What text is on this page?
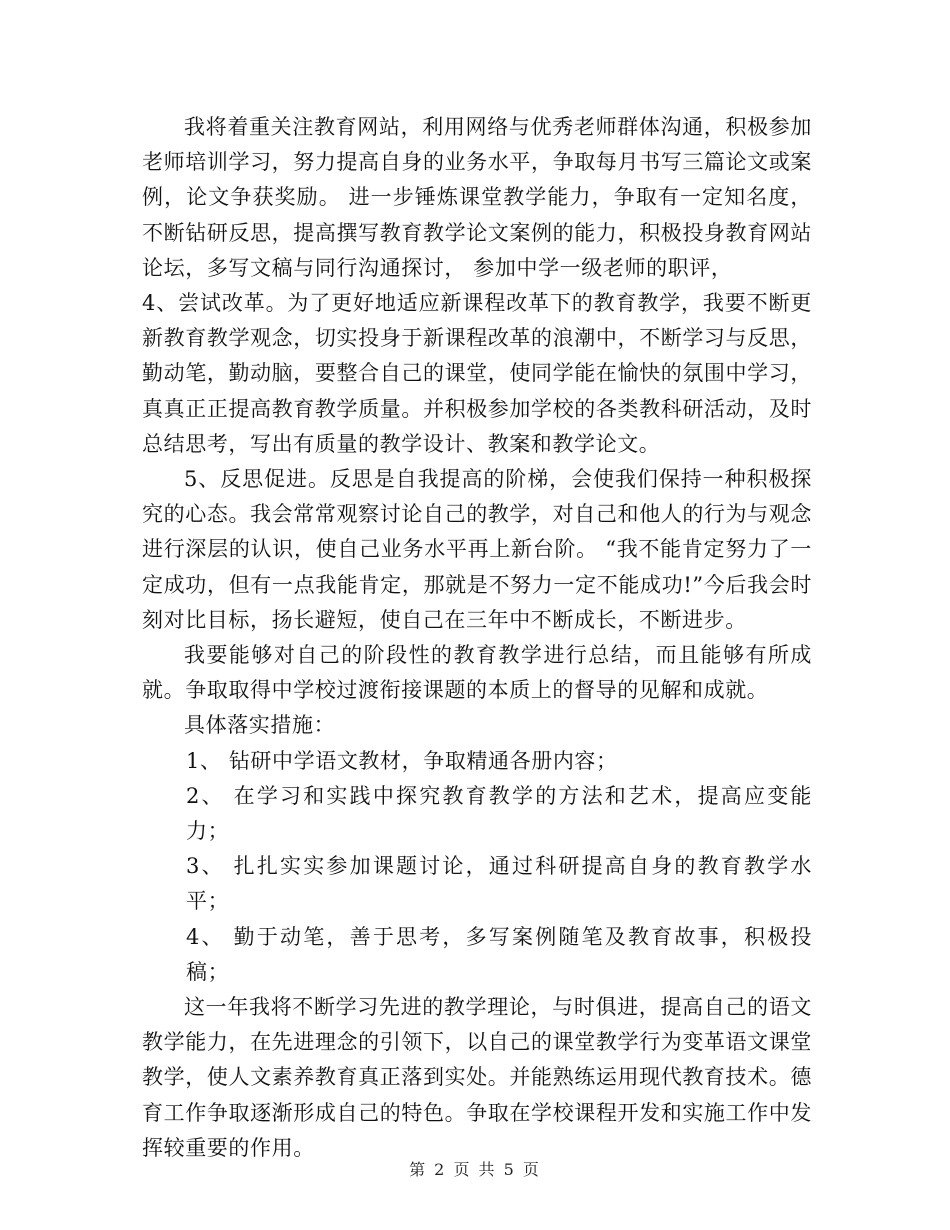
我将着重关注教育网站，利用网络与优秀老师群体沟通，积极参加老师培训学习，努力提高自身的业务水平，争取每月书写三篇论文或案例，论文争获奖励。 进一步锤炼课堂教学能力，争取有一定知名度， 不断钻研反思，提高撰写教育教学论文案例的能力，积极投身教育网站论坛，多写文稿与同行沟通探讨， 参加中学一级老师的职评，

4、尝试改革。为了更好地适应新课程改革下的教育教学，我要不断更新教育教学观念，切实投身于新课程改革的浪潮中，不断学习与反思，勤动笔，勤动脑，要整合自己的课堂，使同学能在愉快的氛围中学习，真真正正提高教育教学质量。并积极参加学校的各类教科研活动，及时总结思考，写出有质量的教学设计、教案和教学论文。

5、反思促进。反思是自我提高的阶梯，会使我们保持一种积极探究的心态。我会常常观察讨论自己的教学，对自己和他人的行为与观念进行深层的认识，使自己业务水平再上新台阶。 “我不能肯定努力了一定成功，但有一点我能肯定，那就是不努力一定不能成功!”今后我会时刻对比目标，扬长避短，使自己在三年中不断成长，不断进步。

我要能够对自己的阶段性的教育教学进行总结，而且能够有所成就。争取取得中学校过渡衔接课题的本质上的督导的见解和成就。

具体落实措施：

1、 钻研中学语文教材，争取精通各册内容；

2、 在学习和实践中探究教育教学的方法和艺术，提高应变能力；

3、 扎扎实实参加课题讨论，通过科研提高自身的教育教学水平；

4、 勤于动笔，善于思考，多写案例随笔及教育故事，积极投稿；

这一年我将不断学习先进的教学理论，与时俱进，提高自己的语文教学能力，在先进理念的引领下，以自己的课堂教学行为变革语文课堂教学，使人文素养教育真正落到实处。并能熟练运用现代教育技术。德育工作争取逐渐形成自己的特色。争取在学校课程开发和实施工作中发挥较重要的作用。

第 2 页 共 5 页
